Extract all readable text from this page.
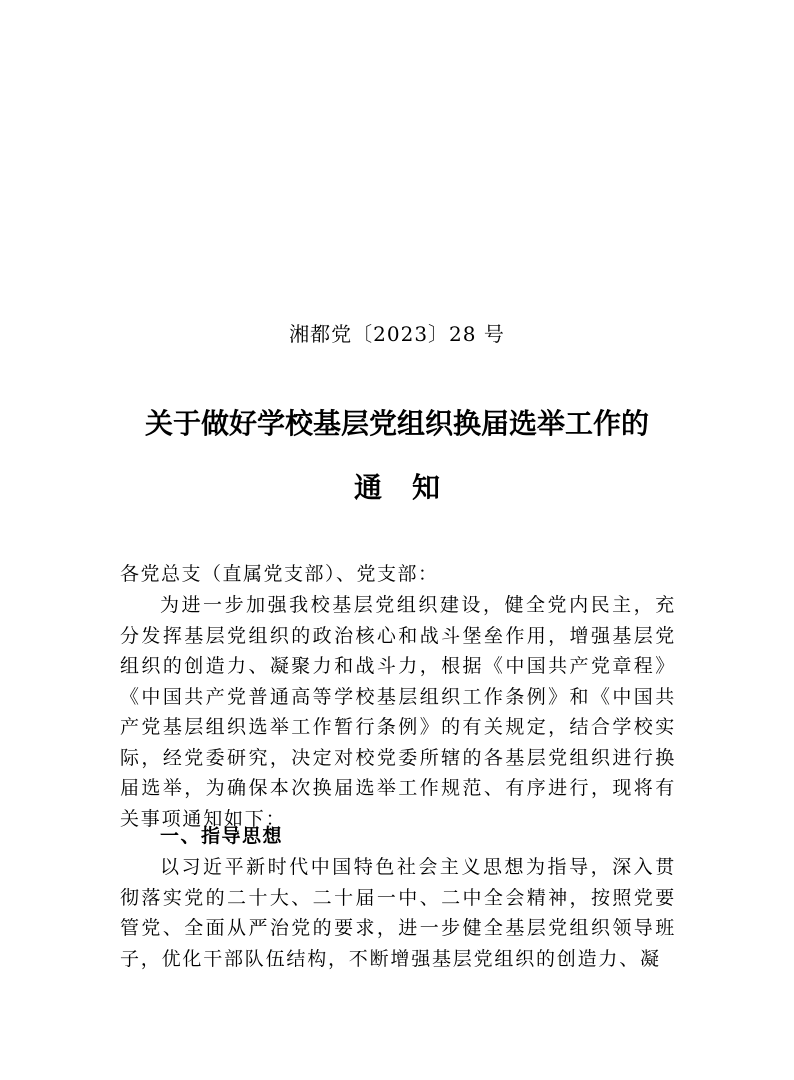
湘都党〔2023〕28 号
关于做好学校基层党组织换届选举工作的
通知
各党总支（直属党支部）、党支部：
为进一步加强我校基层党组织建设，健全党内民主，充分发挥基层党组织的政治核心和战斗堡垒作用，增强基层党组织的创造力、凝聚力和战斗力，根据《中国共产党章程》《中国共产党普通高等学校基层组织工作条例》和《中国共产党基层组织选举工作暂行条例》的有关规定，结合学校实际，经党委研究，决定对校党委所辖的各基层党组织进行换届选举，为确保本次换届选举工作规范、有序进行，现将有关事项通知如下：
一、指导思想
以习近平新时代中国特色社会主义思想为指导，深入贯彻落实党的二十大、二十届一中、二中全会精神，按照党要管党、全面从严治党的要求，进一步健全基层党组织领导班子，优化干部队伍结构，不断增强基层党组织的创造力、凝
